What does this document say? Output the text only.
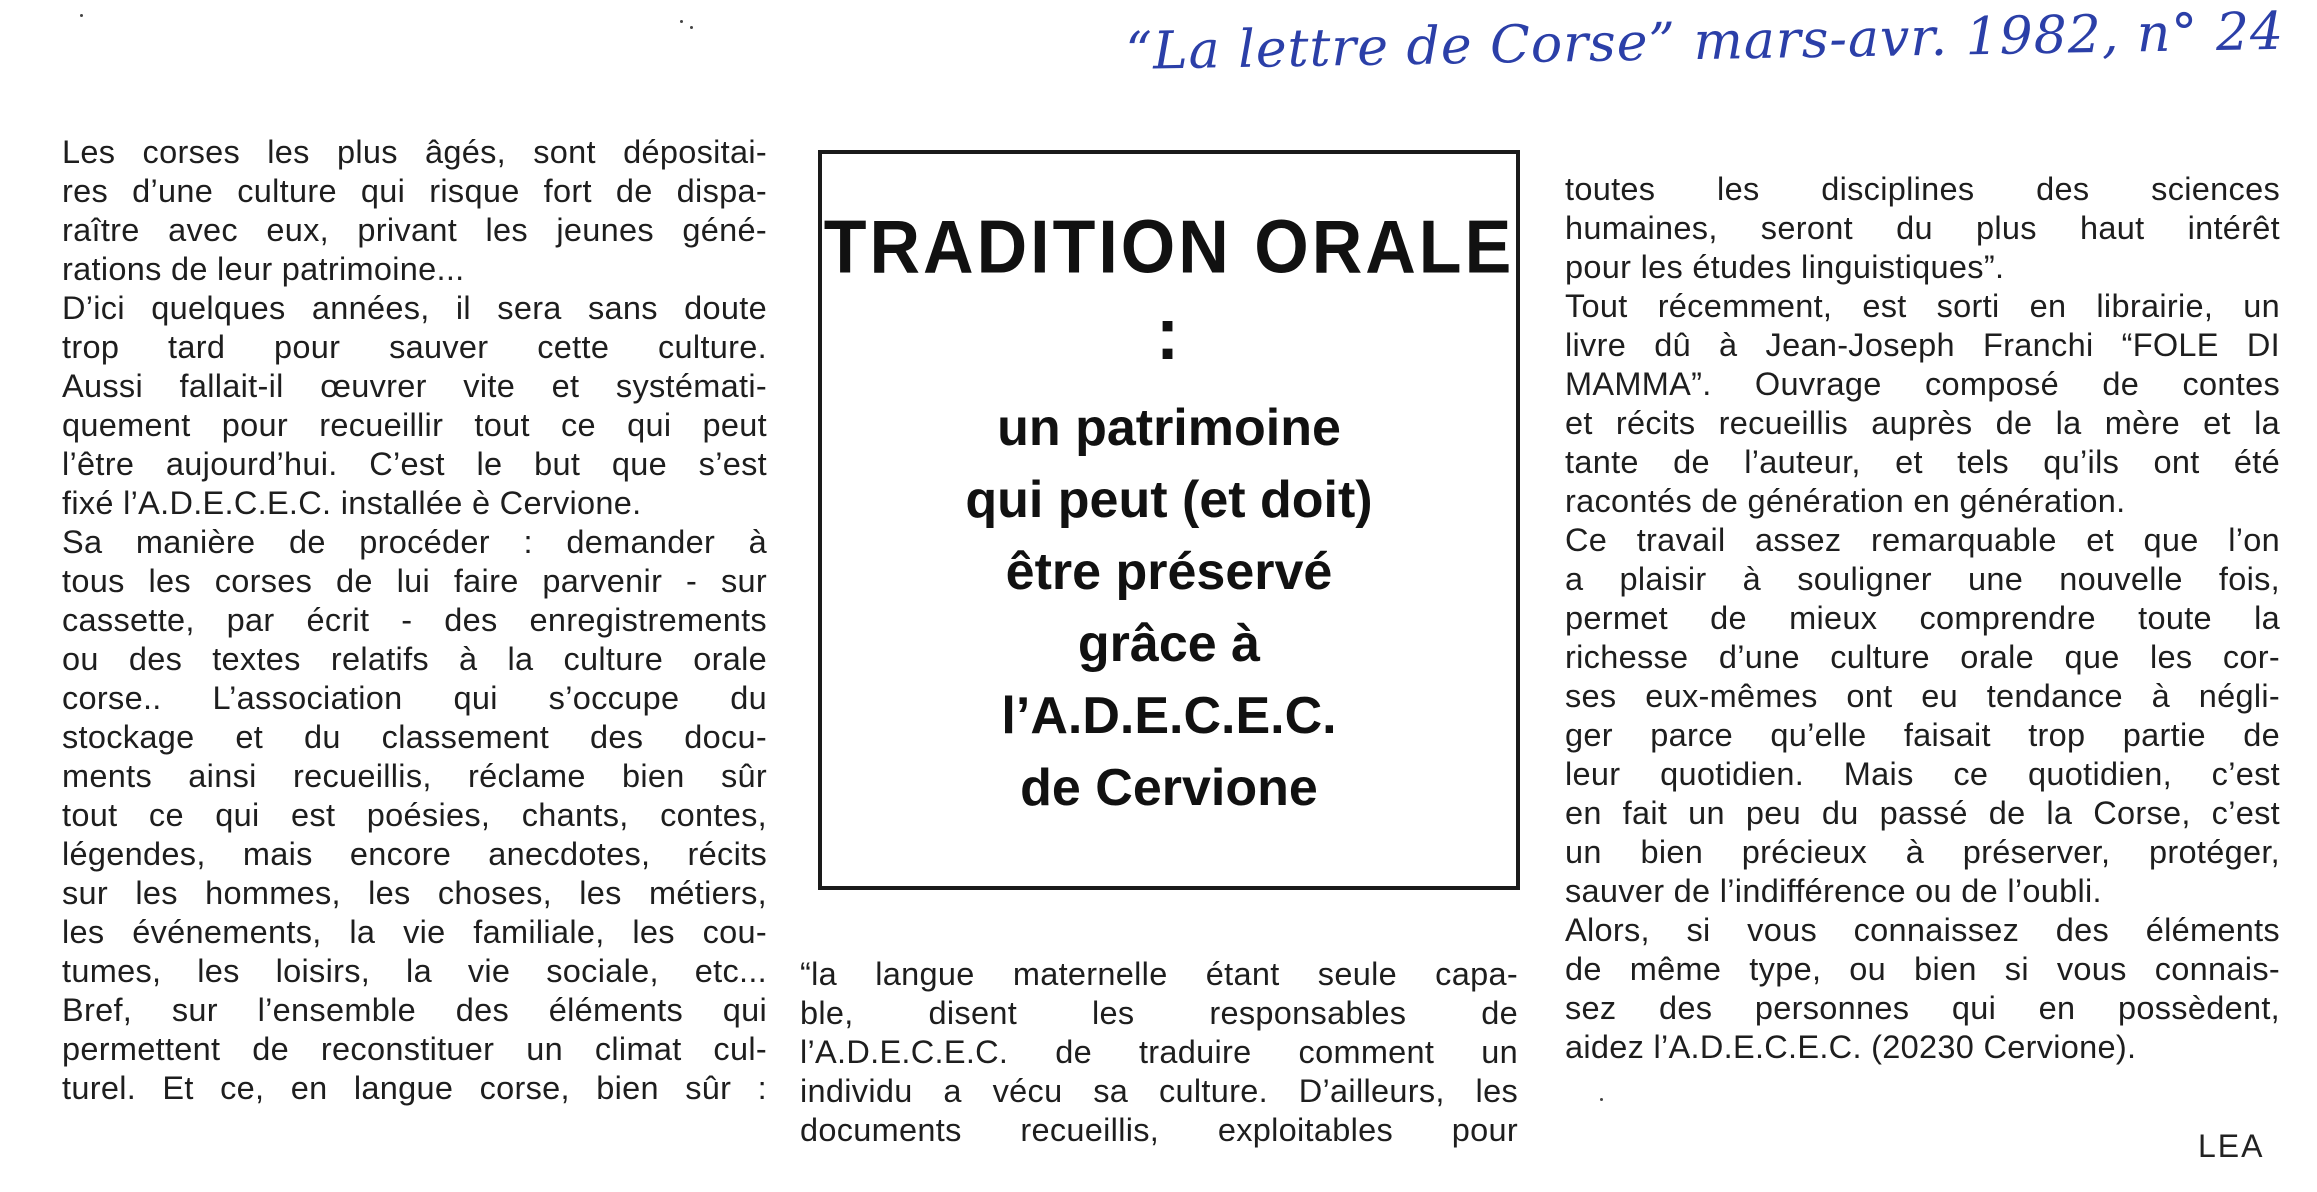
“La lettre de Corse” mars-avr. 1982, n° 24
Les corses les plus âgés, sont dépositai-
res d’une culture qui risque fort de dispa-
raître avec eux, privant les jeunes géné-
rations de leur patrimoine...
D’ici quelques années, il sera sans doute
trop tard pour sauver cette culture.
Aussi fallait-il œuvrer vite et systémati-
quement pour recueillir tout ce qui peut
l’être aujourd’hui. C’est le but que s’est
fixé l’A.D.E.C.E.C. installée è Cervione.
Sa manière de procéder : demander à
tous les corses de lui faire parvenir - sur
cassette, par écrit - des enregistrements
ou des textes relatifs à la culture orale
corse.. L’association qui s’occupe du
stockage et du classement des docu-
ments ainsi recueillis, réclame bien sûr
tout ce qui est poésies, chants, contes,
légendes, mais encore anecdotes, récits
sur les hommes, les choses, les métiers,
les événements, la vie familiale, les cou-
tumes, les loisirs, la vie sociale, etc...
Bref, sur l’ensemble des éléments qui
permettent de reconstituer un climat cul-
turel. Et ce, en langue corse, bien sûr :
TRADITION ORALE :
un patrimoine
qui peut (et doit)
être préservé
grâce à
l’A.D.E.C.E.C.
de Cervione
“la langue maternelle étant seule capa-
ble, disent les responsables de
l’A.D.E.C.E.C. de traduire comment un
individu a vécu sa culture. D’ailleurs, les
documents recueillis, exploitables pour
toutes les disciplines des sciences
humaines, seront du plus haut intérêt
pour les études linguistiques”.
Tout récemment, est sorti en librairie, un
livre dû à Jean-Joseph Franchi “FOLE DI
MAMMA”. Ouvrage composé de contes
et récits recueillis auprès de la mère et la
tante de l’auteur, et tels qu’ils ont été
racontés de génération en génération.
Ce travail assez remarquable et que l’on
a plaisir à souligner une nouvelle fois,
permet de mieux comprendre toute la
richesse d’une culture orale que les cor-
ses eux-mêmes ont eu tendance à négli-
ger parce qu’elle faisait trop partie de
leur quotidien. Mais ce quotidien, c’est
en fait un peu du passé de la Corse, c’est
un bien précieux à préserver, protéger,
sauver de l’indifférence ou de l’oubli.
Alors, si vous connaissez des éléments
de même type, ou bien si vous connais-
sez des personnes qui en possèdent,
aidez l’A.D.E.C.E.C. (20230 Cervione).
LEA
